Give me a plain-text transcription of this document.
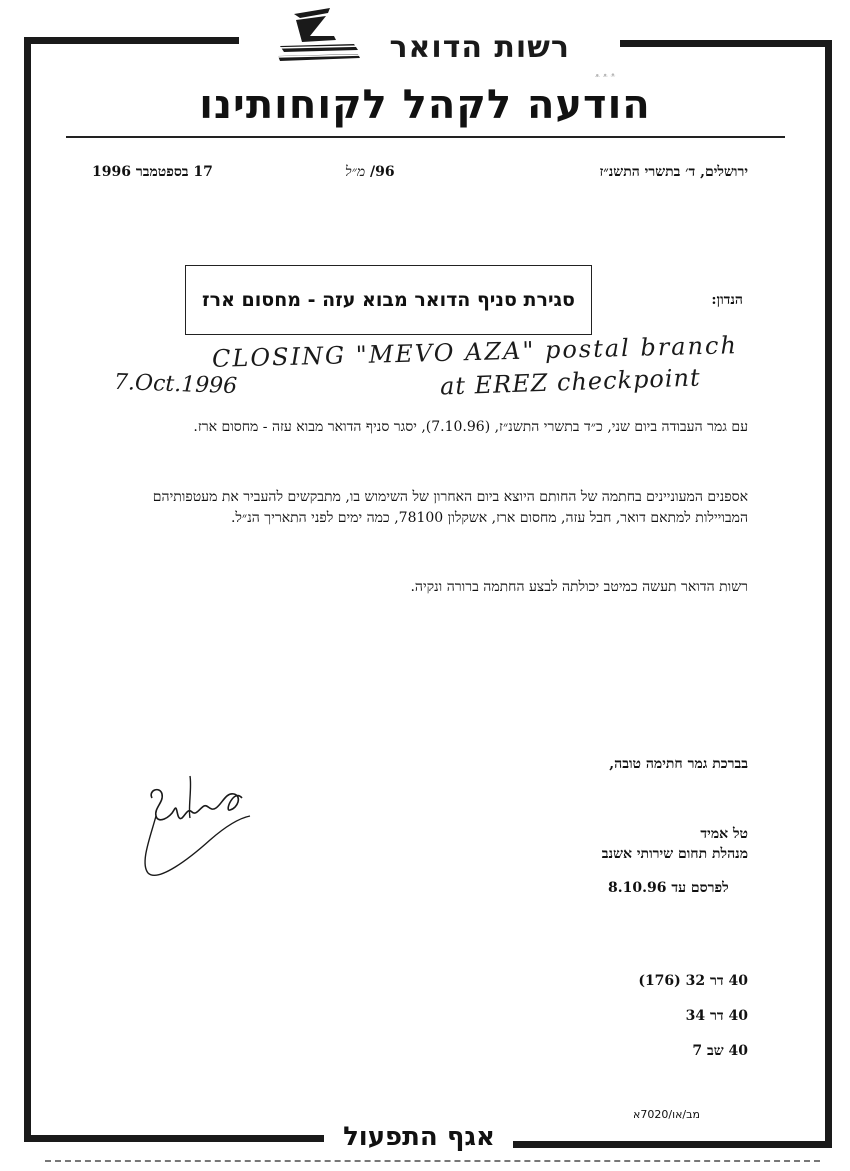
רשות הדואר
ᵜ ᵜ ᵜ
הודעה לקהל לקוחותינו
ירושלים, ד׳ בתשרי התשנ״ז
96/ מ״ל
17 בספטמבר 1996
הנדון:
סגירת סניף הדואר מבוא עזה - מחסום ארז
CLOSING "MEVO AZA" postal branch
at EREZ checkpoint
7.Oct.1996
עם גמר העבודה ביום שני, כ״ד בתשרי התשנ״ז, (7.10.96), יסגר סניף הדואר מבוא עזה - מחסום ארז.
אספנים המעוניינים בחתמה של החותם היוצא ביום האחרון של השימוש בו, מתבקשים להעביר את מעטפותיהם המבויילות למתאם דואר, חבל עזה, מחסום ארז, אשקלון 78100, כמה ימים לפני התאריך הנ״ל.
רשות הדואר תעשה כמיטב יכולתה לבצע החתמה ברורה ונקיה.
בברכת גמר חתימה טובה,
טל אמיד
מנהלת תחום שירותי אשנב
לפרסם עד 8.10.96
40 דר 32 (176)
40 דר 34
40 שב 7
מב/או/7020א
אגף התפעול
